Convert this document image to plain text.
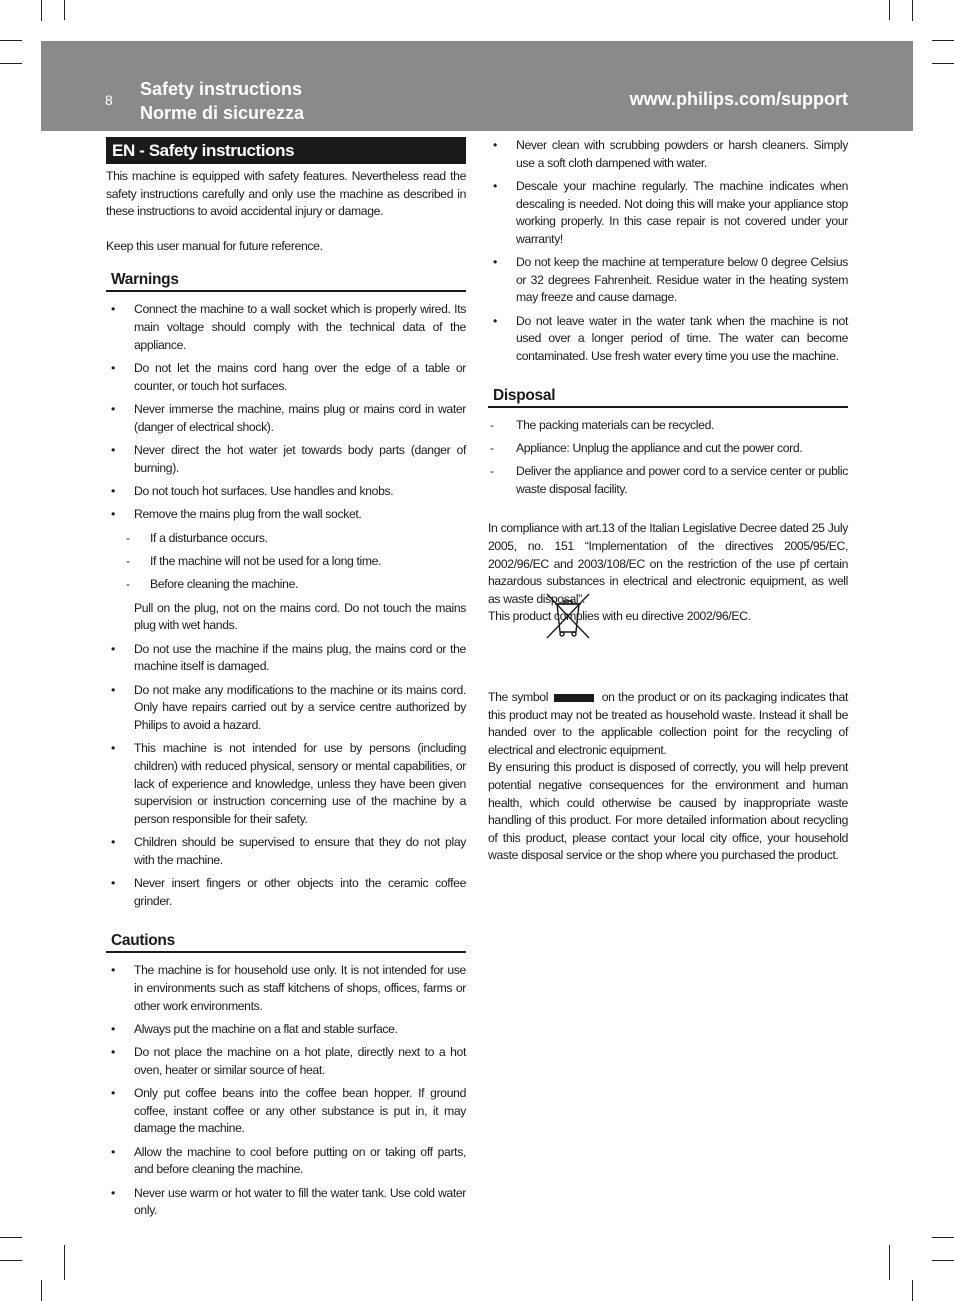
8
Safety instructions
Norme di sicurezza
www.philips.com/support
EN - Safety instructions

This machine is equipped with safety features. Nevertheless read the safety instructions carefully and only use the machine as described in these instructions to avoid accidental injury or damage.

Keep this user manual for future reference.

Warnings
• Connect the machine to a wall socket which is properly wired. Its main voltage should comply with the technical data of the appliance.
• Do not let the mains cord hang over the edge of a table or counter, or touch hot surfaces.
• Never immerse the machine, mains plug or mains cord in water (danger of electrical shock).
• Never direct the hot water jet towards body parts (danger of burning).
• Do not touch hot surfaces. Use handles and knobs.
• Remove the mains plug from the wall socket.
- If a disturbance occurs.
- If the machine will not be used for a long time.
- Before cleaning the machine.
Pull on the plug, not on the mains cord. Do not touch the mains plug with wet hands.
• Do not use the machine if the mains plug, the mains cord or the machine itself is damaged.
• Do not make any modifications to the machine or its mains cord. Only have repairs carried out by a service centre authorized by Philips to avoid a hazard.
• This machine is not intended for use by persons (including children) with reduced physical, sensory or mental capabilities, or lack of experience and knowledge, unless they have been given supervision or instruction concerning use of the machine by a person responsible for their safety.
• Children should be supervised to ensure that they do not play with the machine.
• Never insert fingers or other objects into the ceramic coffee grinder.
Cautions
• The machine is for household use only. It is not intended for use in environments such as staff kitchens of shops, offices, farms or other work environments.
• Always put the machine on a flat and stable surface.
• Do not place the machine on a hot plate, directly next to a hot oven, heater or similar source of heat.
• Only put coffee beans into the coffee bean hopper. If ground coffee, instant coffee or any other substance is put in, it may damage the machine.
• Allow the machine to cool before putting on or taking off parts, and before cleaning the machine.
• Never use warm or hot water to fill the water tank. Use cold water only.
• Never clean with scrubbing powders or harsh cleaners. Simply use a soft cloth dampened with water.
• Descale your machine regularly. The machine indicates when descaling is needed. Not doing this will make your appliance stop working properly. In this case repair is not covered under your warranty!
• Do not keep the machine at temperature below 0 degree Celsius or 32 degrees Fahrenheit. Residue water in the heating system may freeze and cause damage.
• Do not leave water in the water tank when the machine is not used over a longer period of time. The water can become contaminated. Use fresh water every time you use the machine.
Disposal
- The packing materials can be recycled.
- Appliance: Unplug the appliance and cut the power cord.
- Deliver the appliance and power cord to a service center or public waste disposal facility.

In compliance with art.13 of the Italian Legislative Decree dated 25 July 2005, no. 151 “Implementation of the directives 2005/95/EC, 2002/96/EC and 2003/108/EC on the restriction of the use pf certain hazardous substances in electrical and electronic equipment, as well as waste disposal”.

This product complies with eu directive 2002/96/EC.

The symbol	on the product or on its packaging indicates that this product may not be treated as household waste. Instead it shall be handed over to the applicable collection point for the recycling of electrical and electronic equipment.

By ensuring this product is disposed of correctly, you will help prevent potential negative consequences for the environment and human health, which could otherwise be caused by inappropriate waste handling of this product. For more detailed information about recycling of this product, please contact your local city office, your household waste disposal service or the shop where you purchased the product.
